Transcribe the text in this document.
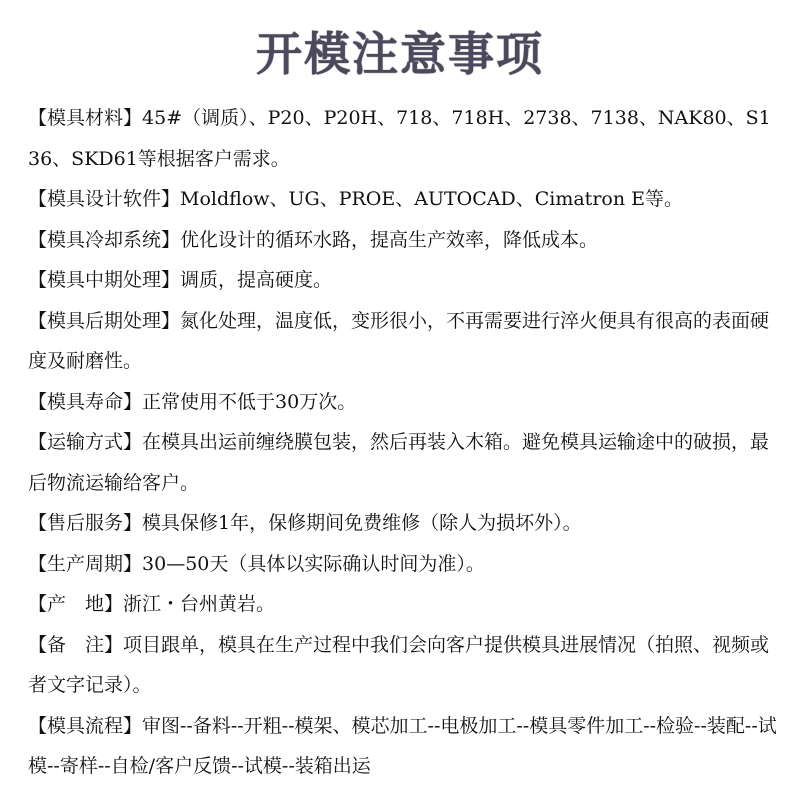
开模注意事项

【模具材料】45#（调质）、P20、P20H、718、718H、2738、7138、NAK80、S136、SKD61等根据客户需求。

【模具设计软件】Moldflow、UG、PROE、AUTOCAD、Cimatron E等。

【模具冷却系统】优化设计的循环水路，提高生产效率，降低成本。

【模具中期处理】调质，提高硬度。

【模具后期处理】氮化处理，温度低，变形很小，不再需要进行淬火便具有很高的表面硬度及耐磨性。

【模具寿命】正常使用不低于30万次。

【运输方式】在模具出运前缠绕膜包装，然后再装入木箱。避免模具运输途中的破损，最后物流运输给客户。

【售后服务】模具保修1年，保修期间免费维修（除人为损坏外）。

【生产周期】30—50天（具体以实际确认时间为准）。

【产　地】浙江・台州黄岩。

【备　注】项目跟单，模具在生产过程中我们会向客户提供模具进展情况（拍照、视频或者文字记录）。

【模具流程】审图--备料--开粗--模架、模芯加工--电极加工--模具零件加工--检验--装配--试模--寄样--自检/客户反馈--试模--装箱出运
